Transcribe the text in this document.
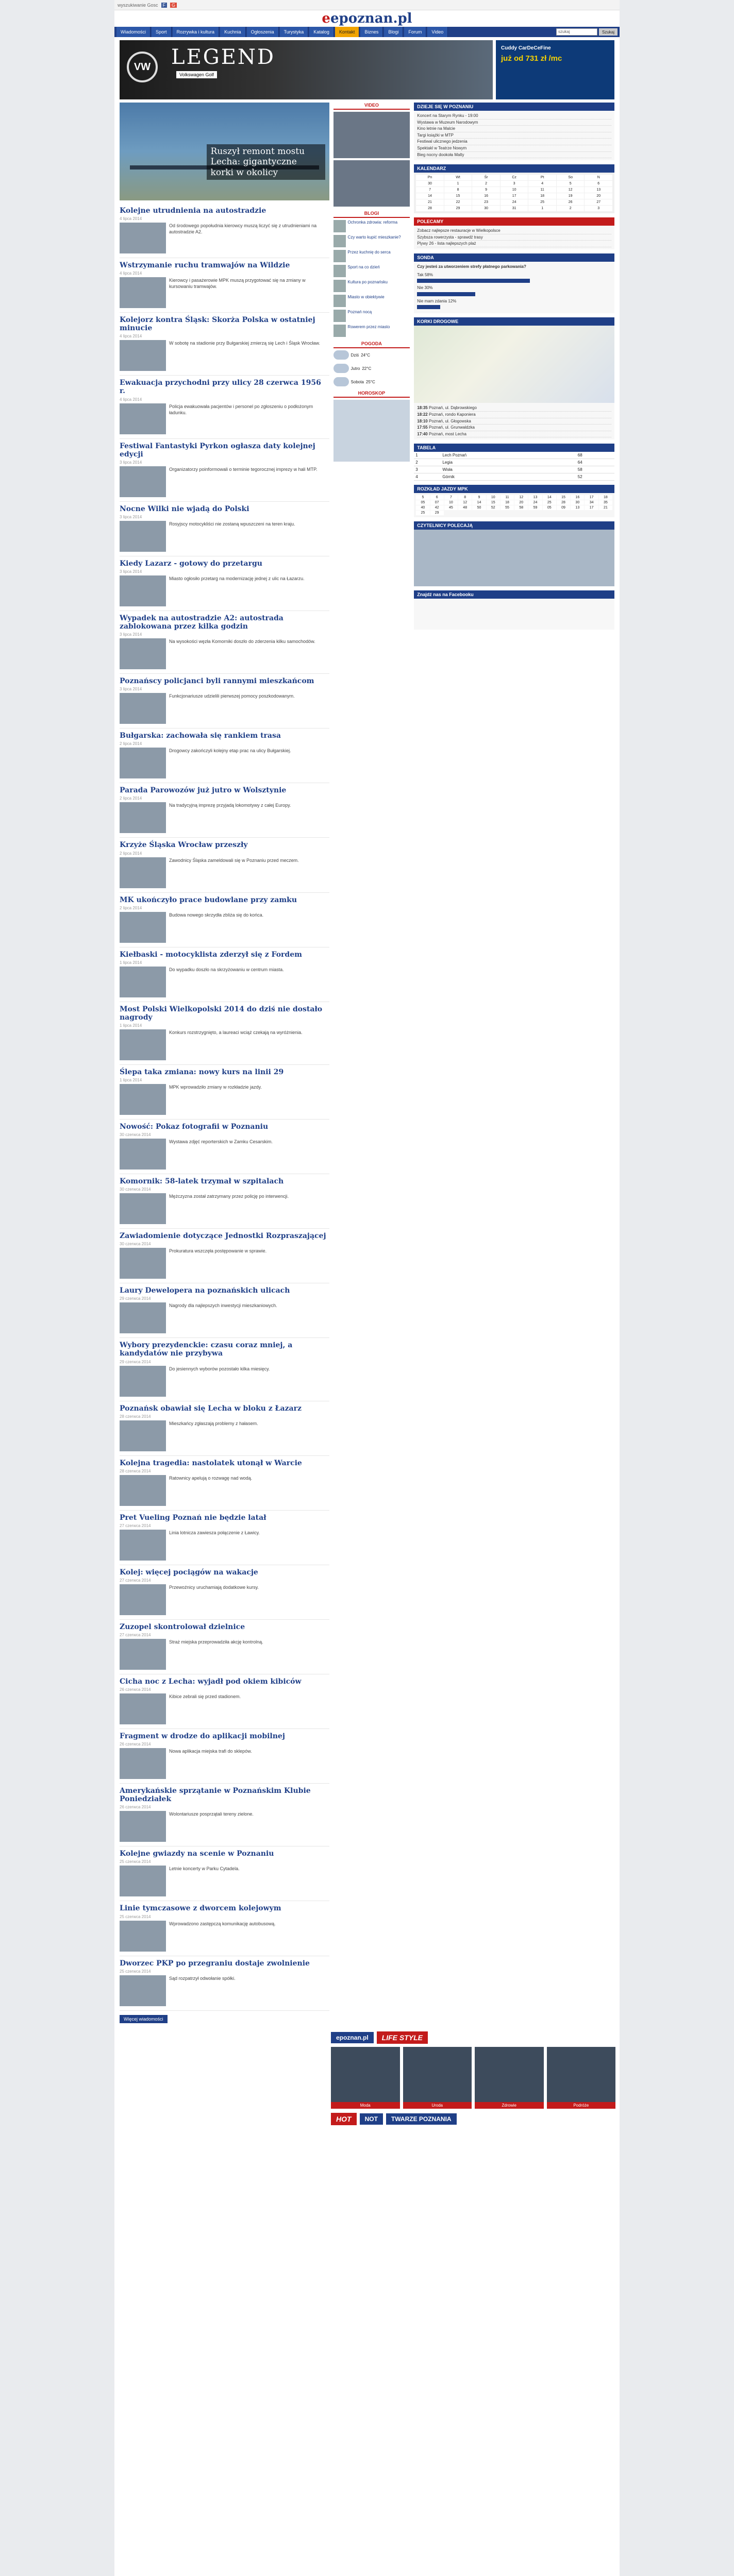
wyszukiwanie Gosc	F	G
eepoznan.pl
Wiadomości	Sport	Rozrywka i kultura	Kuchnia	Ogłoszenia	Turystyka	Katalog	Kontakt	Biznes	Blogi	Forum	Video	szukaj	Szukaj
VW LEGEND
Volkswagen Golf
Cuddy CarDeCeFine
już od 731 zł /mc
Ruszył remont mostu Lecha: gigantyczne korki w okolicy
Kolejne utrudnienia na autostradzie
4 lipca 2014
Od środowego popołudnia kierowcy muszą liczyć się z utrudnieniami na autostradzie A2.
Wstrzymanie ruchu tramwajów na Wildzie
4 lipca 2014
Kierowcy i pasażerowie MPK muszą przygotować się na zmiany w kursowaniu tramwajów.
Kolejorz kontra Śląsk: Skorża Polska w ostatniej minucie
4 lipca 2014
W sobotę na stadionie przy Bułgarskiej zmierzą się Lech i Śląsk Wrocław.
Ewakuacja przychodni przy ulicy 28 czerwca 1956 r.
4 lipca 2014
Policja ewakuowała pacjentów i personel po zgłoszeniu o podłożonym ładunku.
Festiwal Fantastyki Pyrkon ogłasza daty kolejnej edycji
3 lipca 2014
Organizatorzy poinformowali o terminie tegorocznej imprezy w hali MTP.
Nocne Wilki nie wjadą do Polski
3 lipca 2014
Rosyjscy motocykliści nie zostaną wpuszczeni na teren kraju.
Kiedy Lazarz - gotowy do przetargu
3 lipca 2014
Miasto ogłosiło przetarg na modernizację jednej z ulic na Łazarzu.
Wypadek na autostradzie A2: autostrada zablokowana przez kilka godzin
3 lipca 2014
Na wysokości węzła Komorniki doszło do zderzenia kilku samochodów.
Poznańscy policjanci byli rannymi mieszkańcom
3 lipca 2014
Funkcjonariusze udzielili pierwszej pomocy poszkodowanym.
Bułgarska: zachowała się rankiem trasa
2 lipca 2014
Drogowcy zakończyli kolejny etap prac na ulicy Bułgarskiej.
Parada Parowozów już jutro w Wolsztynie
2 lipca 2014
Na tradycyjną imprezę przyjadą lokomotywy z całej Europy.
Krzyże Śląska Wrocław przeszły
2 lipca 2014
Zawodnicy Śląska zameldowali się w Poznaniu przed meczem.
MK ukończyło prace budowlane przy zamku
2 lipca 2014
Budowa nowego skrzydła zbliża się do końca.
Kiełbaski - motocyklista zderzył się z Fordem
1 lipca 2014
Do wypadku doszło na skrzyżowaniu w centrum miasta.
Most Polski Wielkopolski 2014 do dziś nie dostało nagrody
1 lipca 2014
Konkurs rozstrzygnięto, a laureaci wciąż czekają na wyróżnienia.
Ślepa taka zmiana: nowy kurs na linii 29
1 lipca 2014
MPK wprowadziło zmiany w rozkładzie jazdy.
Nowość: Pokaz fotografii w Poznaniu
30 czerwca 2014
Wystawa zdjęć reporterskich w Zamku Cesarskim.
Komornik: 58-latek trzymał w szpitalach
30 czerwca 2014
Mężczyzna został zatrzymany przez policję po interwencji.
Zawiadomienie dotyczące Jednostki Rozpraszającej
30 czerwca 2014
Prokuratura wszczęła postępowanie w sprawie.
Laury Dewelopera na poznańskich ulicach
29 czerwca 2014
Nagrody dla najlepszych inwestycji mieszkaniowych.
Wybory prezydenckie: czasu coraz mniej, a kandydatów nie przybywa
29 czerwca 2014
Do jesiennych wyborów pozostało kilka miesięcy.
Poznańsk obawiał się Lecha w bloku z Łazarz
28 czerwca 2014
Mieszkańcy zgłaszają problemy z hałasem.
Kolejna tragedia: nastolatek utonął w Warcie
28 czerwca 2014
Ratownicy apelują o rozwagę nad wodą.
Pret Vueling Poznań nie będzie latał
27 czerwca 2014
Linia lotnicza zawiesza połączenie z Ławicy.
Kolej: więcej pociągów na wakacje
27 czerwca 2014
Przewoźnicy uruchamiają dodatkowe kursy.
Zuzopel skontrolował dzielnice
27 czerwca 2014
Straż miejska przeprowadziła akcję kontrolną.
Cicha noc z Lecha: wyjadł pod okiem kibiców
26 czerwca 2014
Kibice zebrali się przed stadionem.
Fragment w drodze do aplikacji mobilnej
26 czerwca 2014
Nowa aplikacja miejska trafi do sklepów.
Amerykańskie sprzątanie w Poznańskim Klubie Poniedziałek
26 czerwca 2014
Wolontariusze posprzątali tereny zielone.
Kolejne gwiazdy na scenie w Poznaniu
25 czerwca 2014
Letnie koncerty w Parku Cytadela.
Linie tymczasowe z dworcem kolejowym
25 czerwca 2014
Wprowadzono zastępczą komunikację autobusową.
Dworzec PKP po przegraniu dostaje zwolnienie
25 czerwca 2014
Sąd rozpatrzył odwołanie spółki.
Więcej wiadomości
VIDEO
BLOGI
Ochronka zdrowia: reforma
Czy warto kupić mieszkanie?
Przez kuchnię do serca
Sport na co dzień
Kultura po poznańsku
Miasto w obiektywie
Poznań nocą
Rowerem przez miasto
POGODA
Dziś 24°C
Jutro 22°C
Sobota 25°C
HOROSKOP
DZIEJE SIĘ W POZNANIU
Koncert na Starym Rynku - 19:00
Wystawa w Muzeum Narodowym
Kino letnie na Malcie
Targi książki w MTP
Festiwal ulicznego jedzenia
Spektakl w Teatrze Nowym
Bieg nocny dookoła Malty
KALENDARZ
Pn	Wt	Śr	Cz	Pt	So	N
30	1	2	3	4	5	6
7	8	9	10	11	12	13
14	15	16	17	18	19	20
21	22	23	24	25	26	27
28	29	30	31	1	2	3
POLECAMY
Zobacz najlepsze restauracje w Wielkopolsce
Szybsza rowerzysta - sprawdź trasy
Plywy 26 - lista najlepszych plaż
SONDA
Czy jesteś za utworzeniem strefy płatnego parkowania?
Tak 58%
Nie 30%
Nie mam zdania 12%
KORKI DROGOWE
18:35 Poznań, ul. Dąbrowskiego
18:22 Poznań, rondo Kaponiera
18:10 Poznań, ul. Głogowska
17:55 Poznań, ul. Grunwaldzka
17:40 Poznań, most Lecha
TABELA
1	Lech Poznań	68
2	Legia	64
3	Wisła	58
4	Górnik	52
ROZKŁAD JAZDY MPK
5	6	7	8	9	10	11	12	13	14	15	16	17	18
05	07	10	12	14	15	18	20	24	25	28	30	34	35
40	42	45	48	50	52	55	58	59	05	09	13	17	21
25	29
CZYTELNICY POLECAJĄ
Znajdź nas na Facebooku
epoznan.pl	LIFE STYLE
Moda	Uroda	Zdrowie	Podróże
HOT	NOT	TWARZE POZNANIA
